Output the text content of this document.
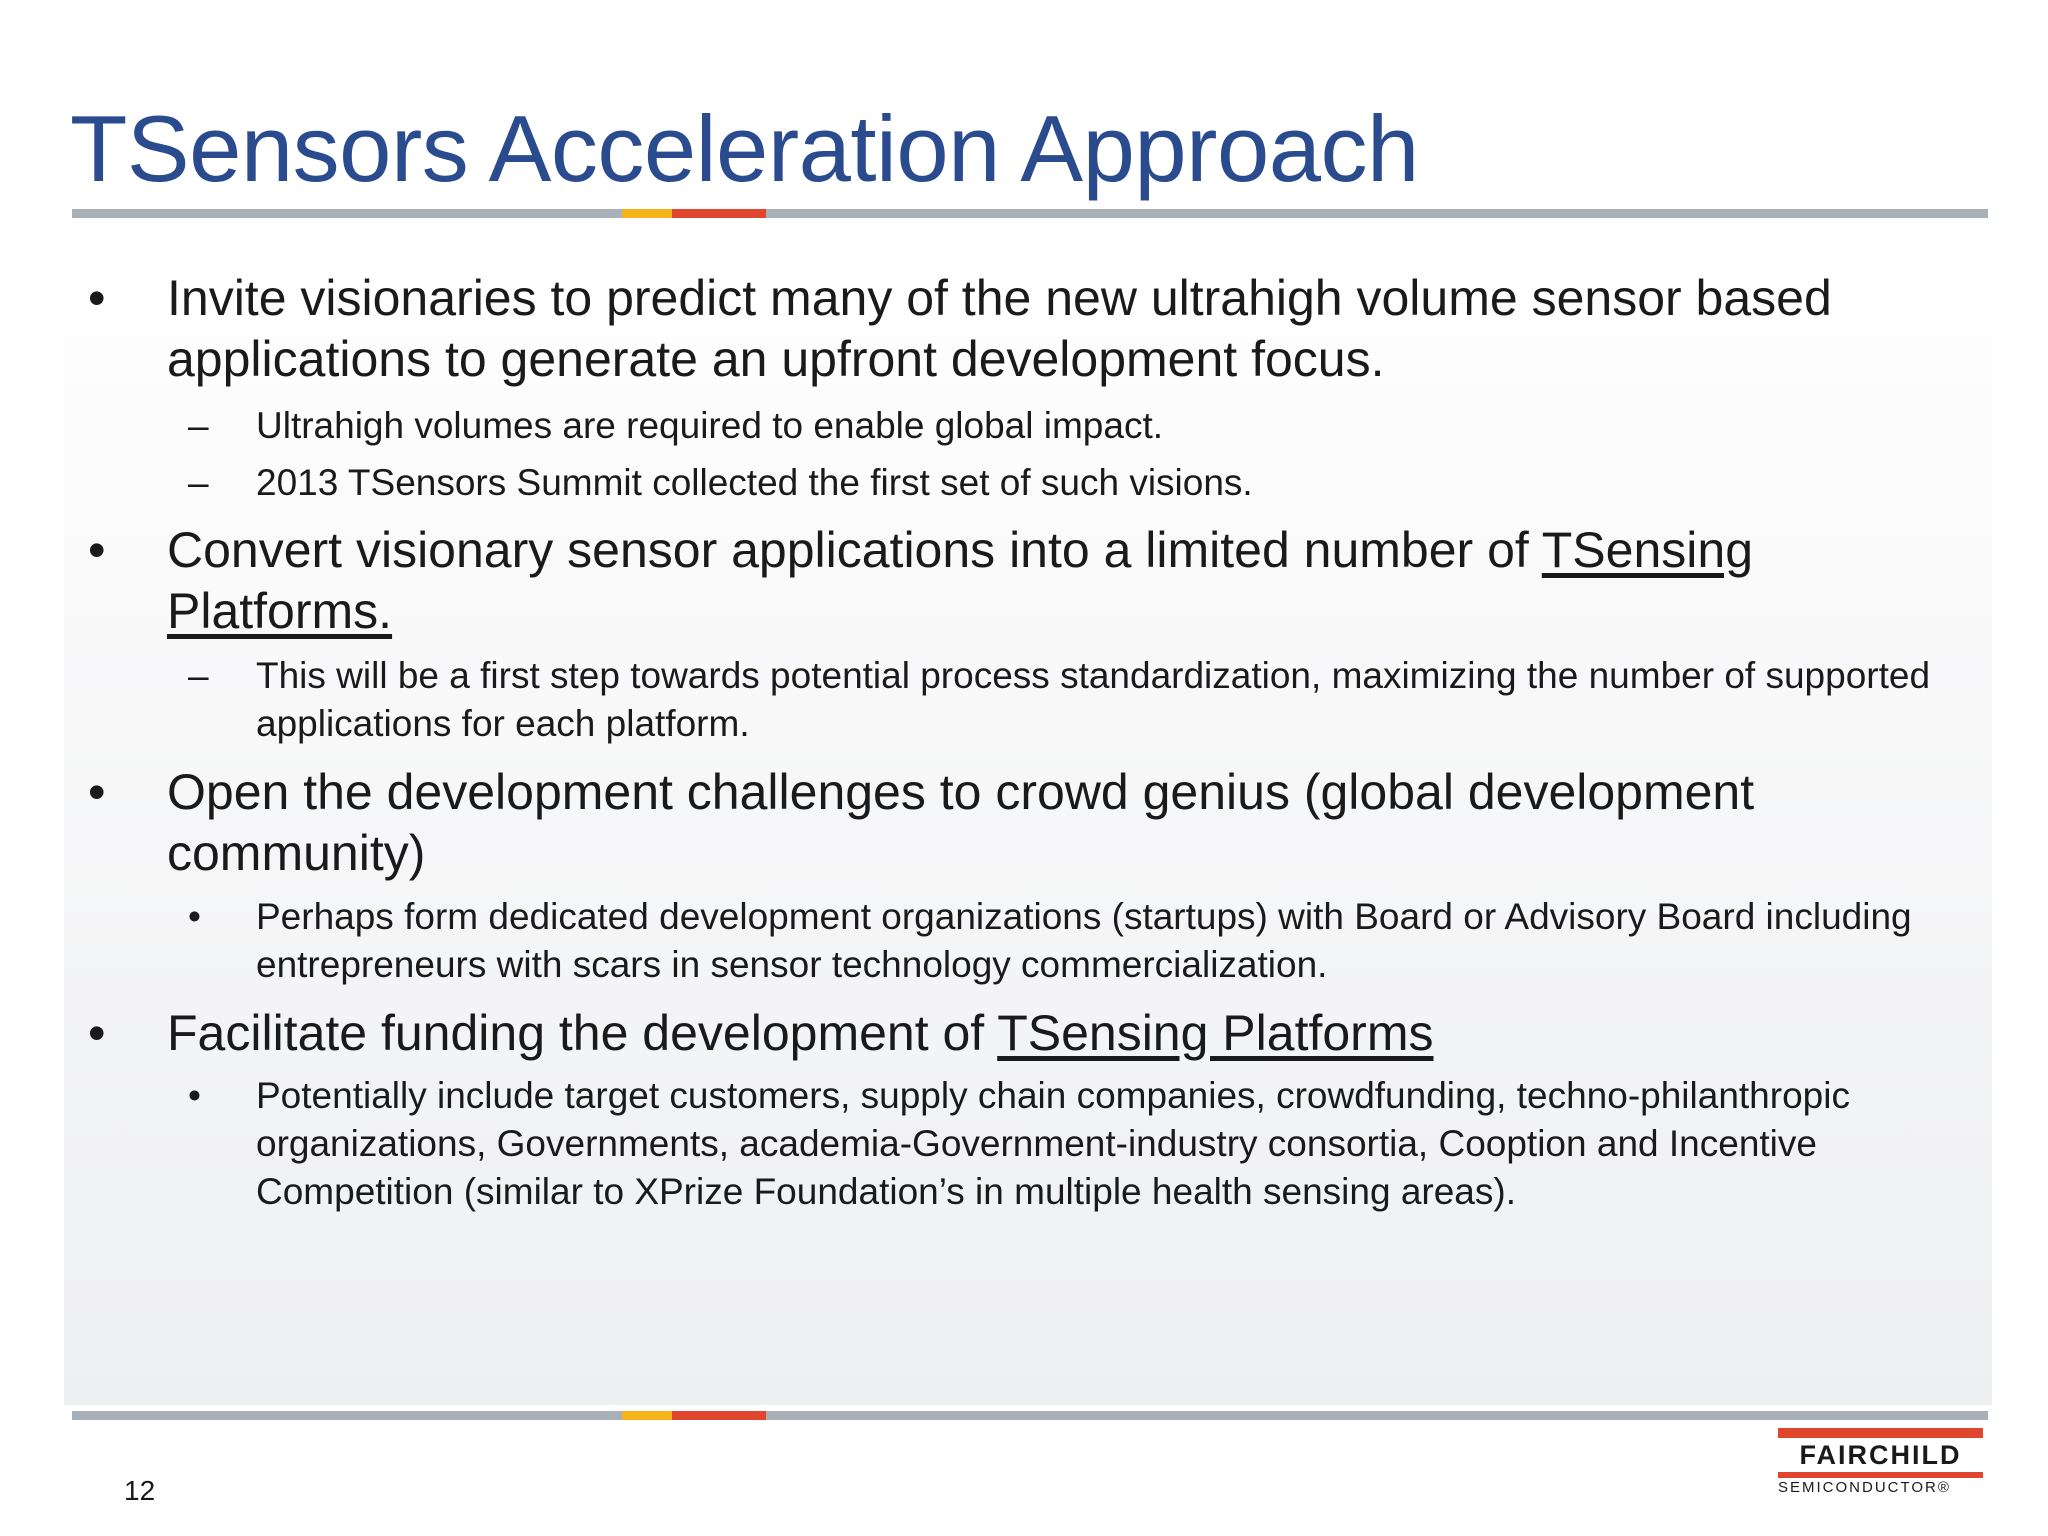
TSensors Acceleration Approach
• Invite visionaries to predict many of the new ultrahigh volume sensor based applications to generate an upfront development focus.
–	Ultrahigh volumes are required to enable global impact.
–	2013 TSensors Summit collected the first set of such visions.
• Convert visionary sensor applications into a limited number of TSensing Platforms.
–	This will be a first step towards potential process standardization, maximizing the number of supported applications for each platform.
• Open the development challenges to crowd genius (global development community)
•	Perhaps form dedicated development organizations (startups) with Board or Advisory Board including entrepreneurs with scars in sensor technology commercialization.
• Facilitate funding the development of TSensing Platforms
•	Potentially include target customers, supply chain companies, crowdfunding, techno-philanthropic organizations, Governments, academia-Government-industry consortia, Cooption and Incentive Competition (similar to XPrize Foundation’s in multiple health sensing areas).
12
FAIRCHILD
SEMICONDUCTOR®
